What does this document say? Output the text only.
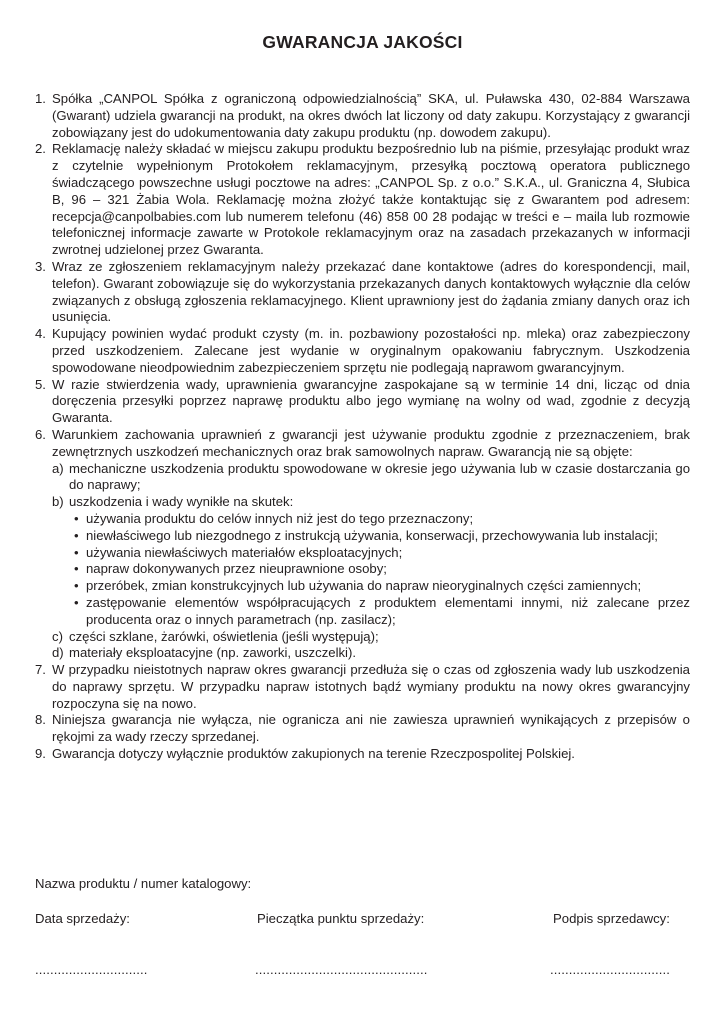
GWARANCJA JAKOŚCI
1. Spółka „CANPOL Spółka z ograniczoną odpowiedzialnością” SKA, ul. Puławska 430, 02-884 Warszawa (Gwarant) udziela gwarancji na produkt, na okres dwóch lat liczony od daty zakupu. Korzystający z gwarancji zobowiązany jest do udokumentowania daty zakupu produktu (np. dowodem zakupu).
2. Reklamację należy składać w miejscu zakupu produktu bezpośrednio lub na piśmie, przesyłając produkt wraz z czytelnie wypełnionym Protokołem reklamacyjnym, przesyłką pocztową operatora publicznego świadczącego powszechne usługi pocztowe na adres: „CANPOL Sp. z o.o.” S.K.A., ul. Graniczna 4, Słubica B, 96 – 321 Żabia Wola. Reklamację można złożyć także kontaktując się z Gwarantem pod adresem: recepcja@canpolbabies.com lub numerem telefonu (46) 858 00 28 podając w treści e – maila lub rozmowie telefonicznej informacje zawarte w Protokole reklamacyjnym oraz na zasadach przekazanych w informacji zwrotnej udzielonej przez Gwaranta.
3. Wraz ze zgłoszeniem reklamacyjnym należy przekazać dane kontaktowe (adres do korespondencji, mail, telefon). Gwarant zobowiązuje się do wykorzystania przekazanych danych kontaktowych wyłącznie dla celów związanych z obsługą zgłoszenia reklamacyjnego. Klient uprawniony jest do żądania zmiany danych oraz ich usunięcia.
4. Kupujący powinien wydać produkt czysty (m. in. pozbawiony pozostałości np. mleka) oraz zabezpieczony przed uszkodzeniem. Zalecane jest wydanie w oryginalnym opakowaniu fabrycznym. Uszkodzenia spowodowane nieodpowiednim zabezpieczeniem sprzętu nie podlegają naprawom gwarancyjnym.
5. W razie stwierdzenia wady, uprawnienia gwarancyjne zaspokajane są w terminie 14 dni, licząc od dnia doręczenia przesyłki poprzez naprawę produktu albo jego wymianę na wolny od wad, zgodnie z decyzją Gwaranta.
6. Warunkiem zachowania uprawnień z gwarancji jest używanie produktu zgodnie z przeznaczeniem, brak zewnętrznych uszkodzeń mechanicznych oraz brak samowolnych napraw. Gwarancją nie są objęte:
a) mechaniczne uszkodzenia produktu spowodowane w okresie jego używania lub w czasie dostarczania go do naprawy;
b) uszkodzenia i wady wynikłe na skutek:
• używania produktu do celów innych niż jest do tego przeznaczony;
• niewłaściwego lub niezgodnego z instrukcją używania, konserwacji, przechowywania lub instalacji;
• używania niewłaściwych materiałów eksploatacyjnych;
• napraw dokonywanych przez nieuprawnione osoby;
• przeróbek, zmian konstrukcyjnych lub używania do napraw nieoryginalnych części zamiennych;
• zastępowanie elementów współpracujących z produktem elementami innymi, niż zalecane przez producenta oraz o innych parametrach (np. zasilacz);
c) części szklane, żarówki, oświetlenia (jeśli występują);
d) materiały eksploatacyjne (np. zaworki, uszczelki).
7. W przypadku nieistotnych napraw okres gwarancji przedłuża się o czas od zgłoszenia wady lub uszkodzenia do naprawy sprzętu. W przypadku napraw istotnych bądź wymiany produktu na nowy okres gwarancyjny rozpoczyna się na nowo.
8. Niniejsza gwarancja nie wyłącza, nie ogranicza ani nie zawiesza uprawnień wynikających z przepisów o rękojmi za wady rzeczy sprzedanej.
9. Gwarancja dotyczy wyłącznie produktów zakupionych na terenie Rzeczpospolitej Polskiej.
Nazwa produktu / numer katalogowy:
Data sprzedaży:	Pieczątka punktu sprzedaży:	Podpis sprzedawcy:
..............................	..............................................	................................
